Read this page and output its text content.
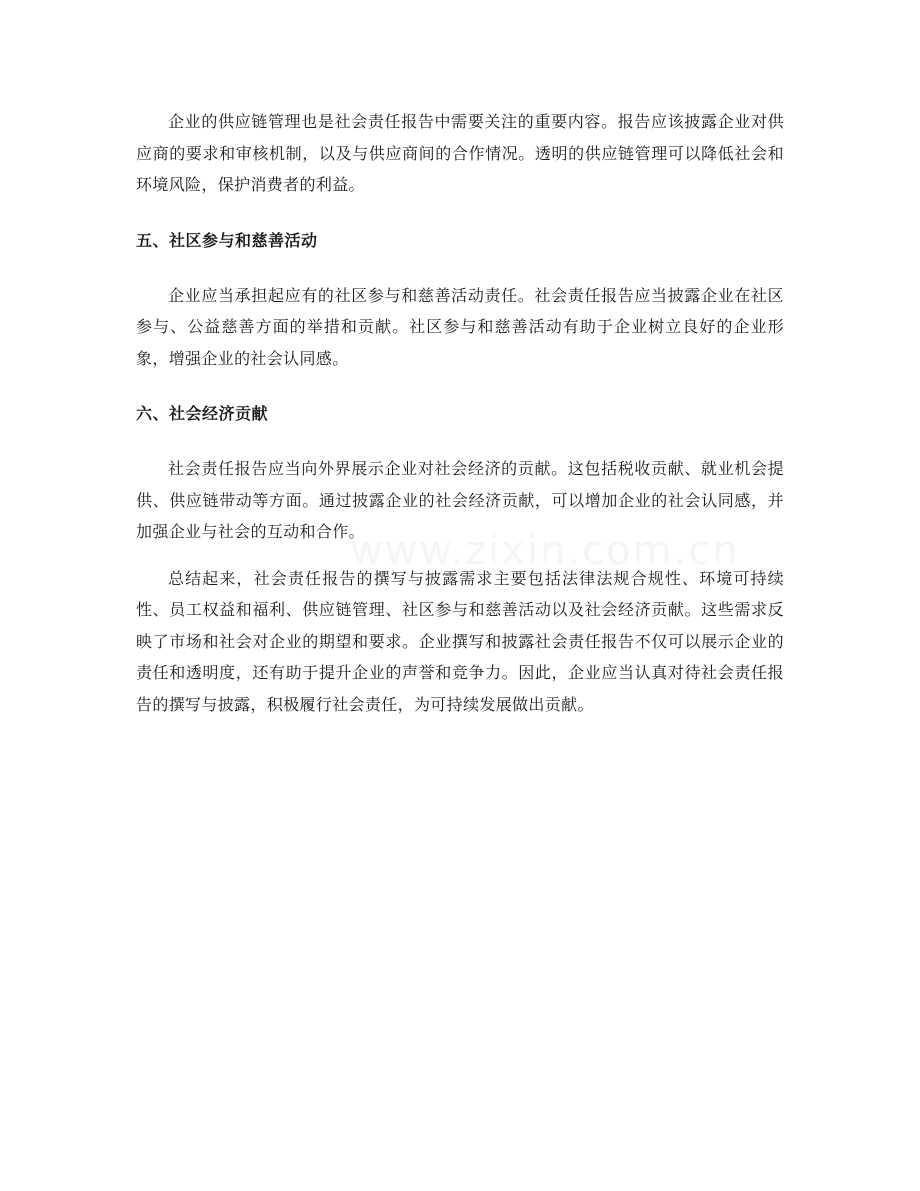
企业的供应链管理也是社会责任报告中需要关注的重要内容。报告应该披露企业对供应商的要求和审核机制，以及与供应商间的合作情况。透明的供应链管理可以降低社会和环境风险，保护消费者的利益。

五、社区参与和慈善活动

企业应当承担起应有的社区参与和慈善活动责任。社会责任报告应当披露企业在社区参与、公益慈善方面的举措和贡献。社区参与和慈善活动有助于企业树立良好的企业形象，增强企业的社会认同感。

六、社会经济贡献

社会责任报告应当向外界展示企业对社会经济的贡献。这包括税收贡献、就业机会提供、供应链带动等方面。通过披露企业的社会经济贡献，可以增加企业的社会认同感，并加强企业与社会的互动和合作。

总结起来，社会责任报告的撰写与披露需求主要包括法律法规合规性、环境可持续性、员工权益和福利、供应链管理、社区参与和慈善活动以及社会经济贡献。这些需求反映了市场和社会对企业的期望和要求。企业撰写和披露社会责任报告不仅可以展示企业的责任和透明度，还有助于提升企业的声誉和竞争力。因此，企业应当认真对待社会责任报告的撰写与披露，积极履行社会责任，为可持续发展做出贡献。

www.zixin.com.cn
